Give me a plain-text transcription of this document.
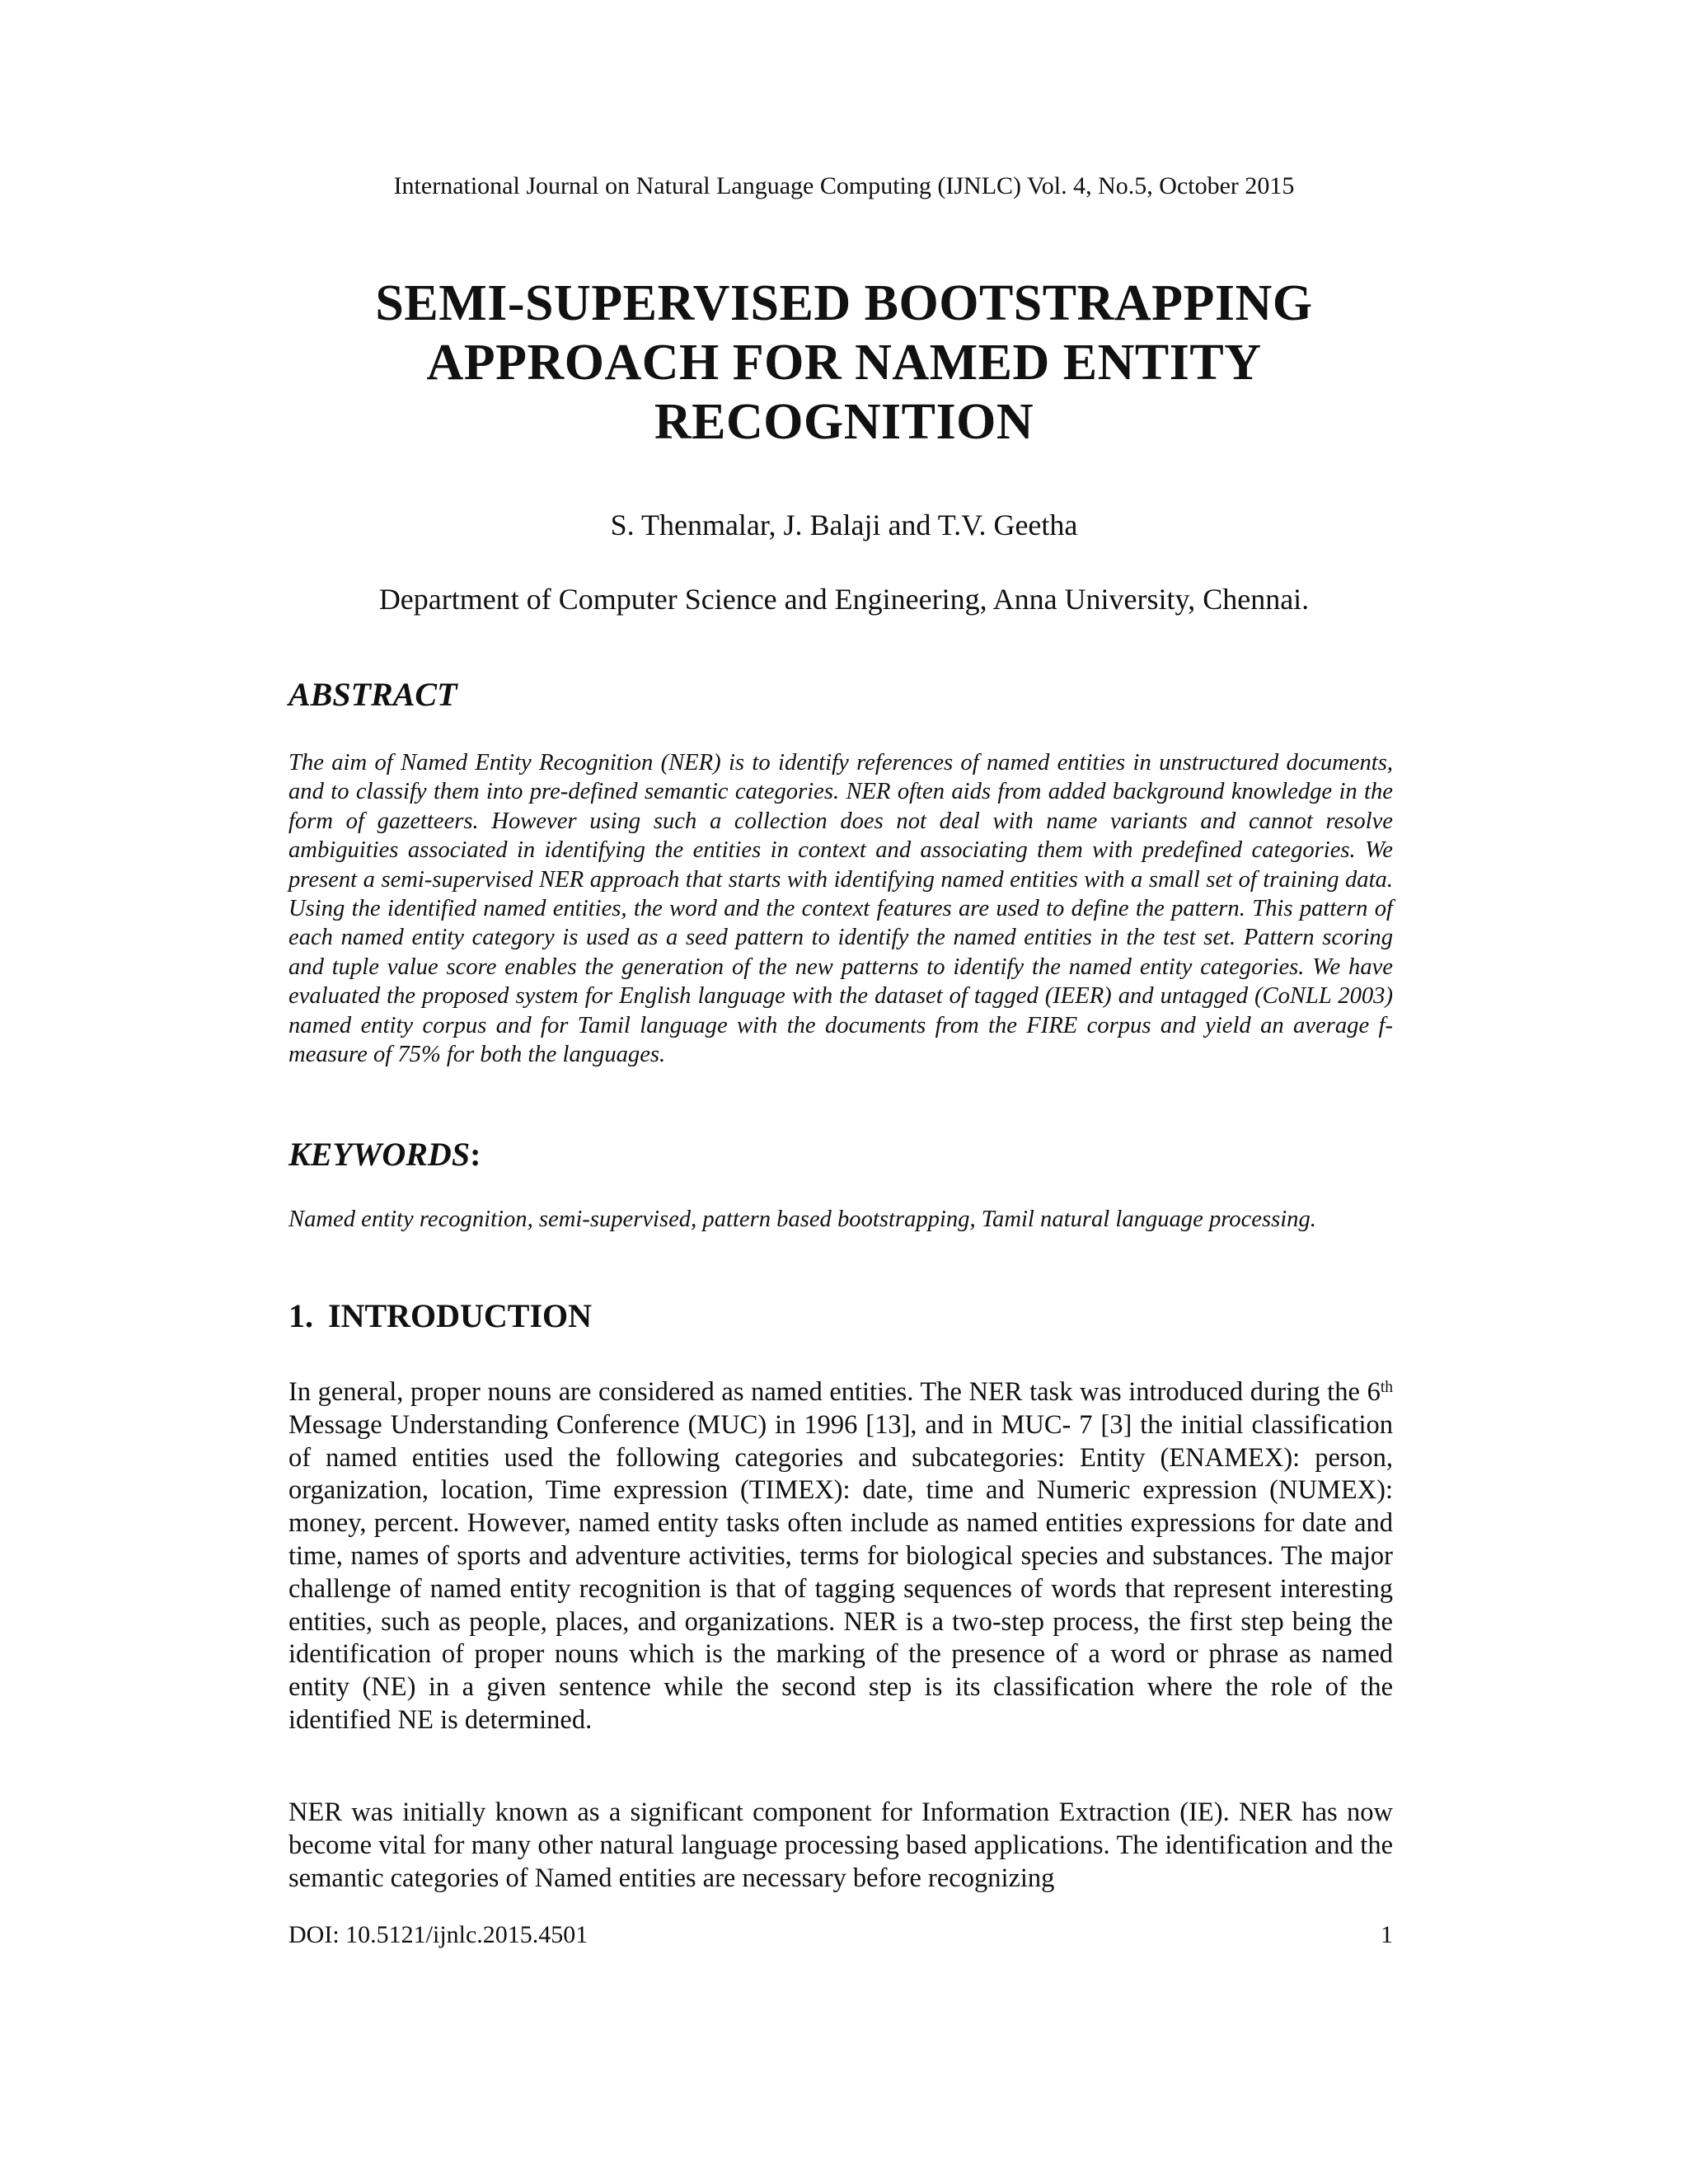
International Journal on Natural Language Computing (IJNLC) Vol. 4, No.5, October 2015
SEMI-SUPERVISED BOOTSTRAPPING APPROACH FOR NAMED ENTITY RECOGNITION
S. Thenmalar, J. Balaji and T.V. Geetha
Department of Computer Science and Engineering, Anna University, Chennai.
ABSTRACT
The aim of Named Entity Recognition (NER) is to identify references of named entities in unstructured documents, and to classify them into pre-defined semantic categories. NER often aids from added background knowledge in the form of gazetteers. However using such a collection does not deal with name variants and cannot resolve ambiguities associated in identifying the entities in context and associating them with predefined categories. We present a semi-supervised NER approach that starts with identifying named entities with a small set of training data. Using the identified named entities, the word and the context features are used to define the pattern. This pattern of each named entity category is used as a seed pattern to identify the named entities in the test set. Pattern scoring and tuple value score enables the generation of the new patterns to identify the named entity categories. We have evaluated the proposed system for English language with the dataset of tagged (IEER) and untagged (CoNLL 2003) named entity corpus and for Tamil language with the documents from the FIRE corpus and yield an average f-measure of 75% for both the languages.
KEYWORDS:
Named entity recognition, semi-supervised, pattern based bootstrapping, Tamil natural language processing.
1. INTRODUCTION
In general, proper nouns are considered as named entities. The NER task was introduced during the 6th Message Understanding Conference (MUC) in 1996 [13], and in MUC- 7 [3] the initial classification of named entities used the following categories and subcategories: Entity (ENAMEX): person, organization, location, Time expression (TIMEX): date, time and Numeric expression (NUMEX): money, percent. However, named entity tasks often include as named entities expressions for date and time, names of sports and adventure activities, terms for biological species and substances. The major challenge of named entity recognition is that of tagging sequences of words that represent interesting entities, such as people, places, and organizations. NER is a two-step process, the first step being the identification of proper nouns which is the marking of the presence of a word or phrase as named entity (NE) in a given sentence while the second step is its classification where the role of the identified NE is determined.
NER was initially known as a significant component for Information Extraction (IE). NER has now become vital for many other natural language processing based applications. The identification and the semantic categories of Named entities are necessary before recognizing
DOI: 10.5121/ijnlc.2015.4501	1
